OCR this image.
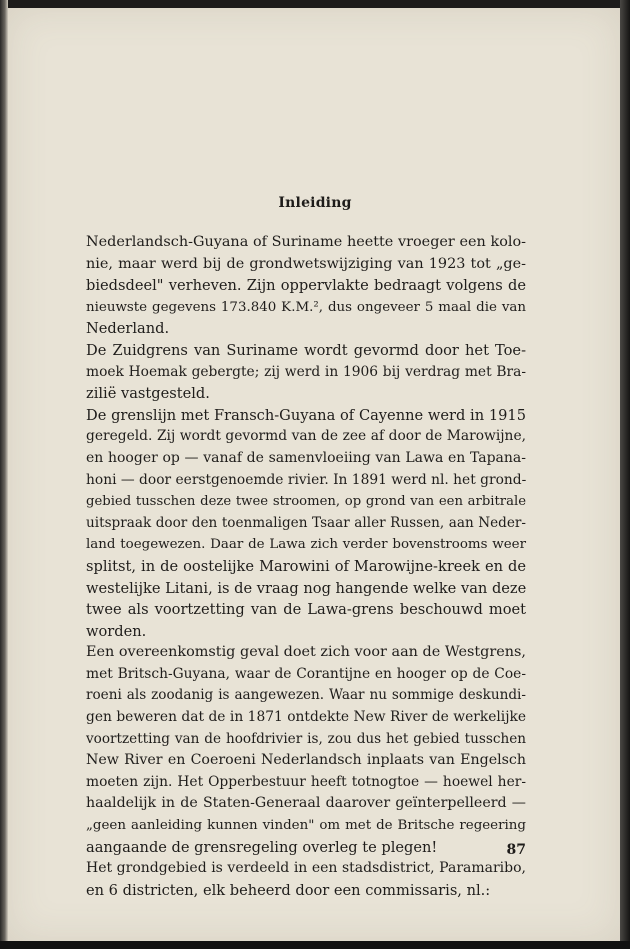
Inleiding

Nederlandsch-Guyana of Suriname heette vroeger een kolo-
nie, maar werd bij de grondwetswijziging van 1923 tot „ge-
biedsdeel" verheven. Zijn oppervlakte bedraagt volgens de
nieuwste gegevens 173.840 K.M.², dus ongeveer 5 maal die van
Nederland.

De Zuidgrens van Suriname wordt gevormd door het Toe-
moek Hoemak gebergte; zij werd in 1906 bij verdrag met Bra-
zilië vastgesteld.

De grenslijn met Fransch-Guyana of Cayenne werd in 1915
geregeld. Zij wordt gevormd van de zee af door de Marowijne,
en hooger op — vanaf de samenvloeiing van Lawa en Tapana-
honi — door eerstgenoemde rivier. In 1891 werd nl. het grond-
gebied tusschen deze twee stroomen, op grond van een arbitrale
uitspraak door den toenmaligen Tsaar aller Russen, aan Neder-
land toegewezen. Daar de Lawa zich verder bovenstrooms weer
splitst, in de oostelijke Marowini of Marowijne-kreek en de
westelijke Litani, is de vraag nog hangende welke van deze
twee als voortzetting van de Lawa-grens beschouwd moet
worden.

Een overeenkomstig geval doet zich voor aan de Westgrens,
met Britsch-Guyana, waar de Corantijne en hooger op de Coe-
roeni als zoodanig is aangewezen. Waar nu sommige deskundi-
gen beweren dat de in 1871 ontdekte New River de werkelijke
voortzetting van de hoofdrivier is, zou dus het gebied tusschen
New River en Coeroeni Nederlandsch inplaats van Engelsch
moeten zijn. Het Opperbestuur heeft totnogtoe — hoewel her-
haaldelijk in de Staten-Generaal daarover geïnterpelleerd —
„geen aanleiding kunnen vinden" om met de Britsche regeering
aangaande de grensregeling overleg te plegen!

Het grondgebied is verdeeld in een stadsdistrict, Paramaribo,
en 6 districten, elk beheerd door een commissaris, nl.:

87
